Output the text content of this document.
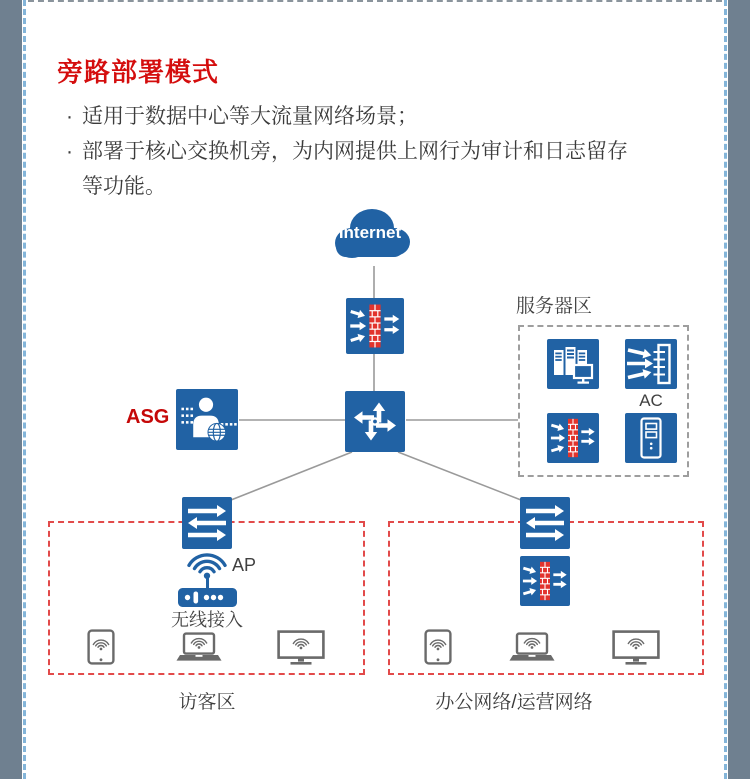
旁路部署模式
· 适用于数据中心等大流量网络场景；
· 部署于核心交换机旁，为内网提供上网行为审计和日志留存等功能。
Internet
ASG
服务器区
AC
AP
无线接入
访客区	办公网络/运营网络
